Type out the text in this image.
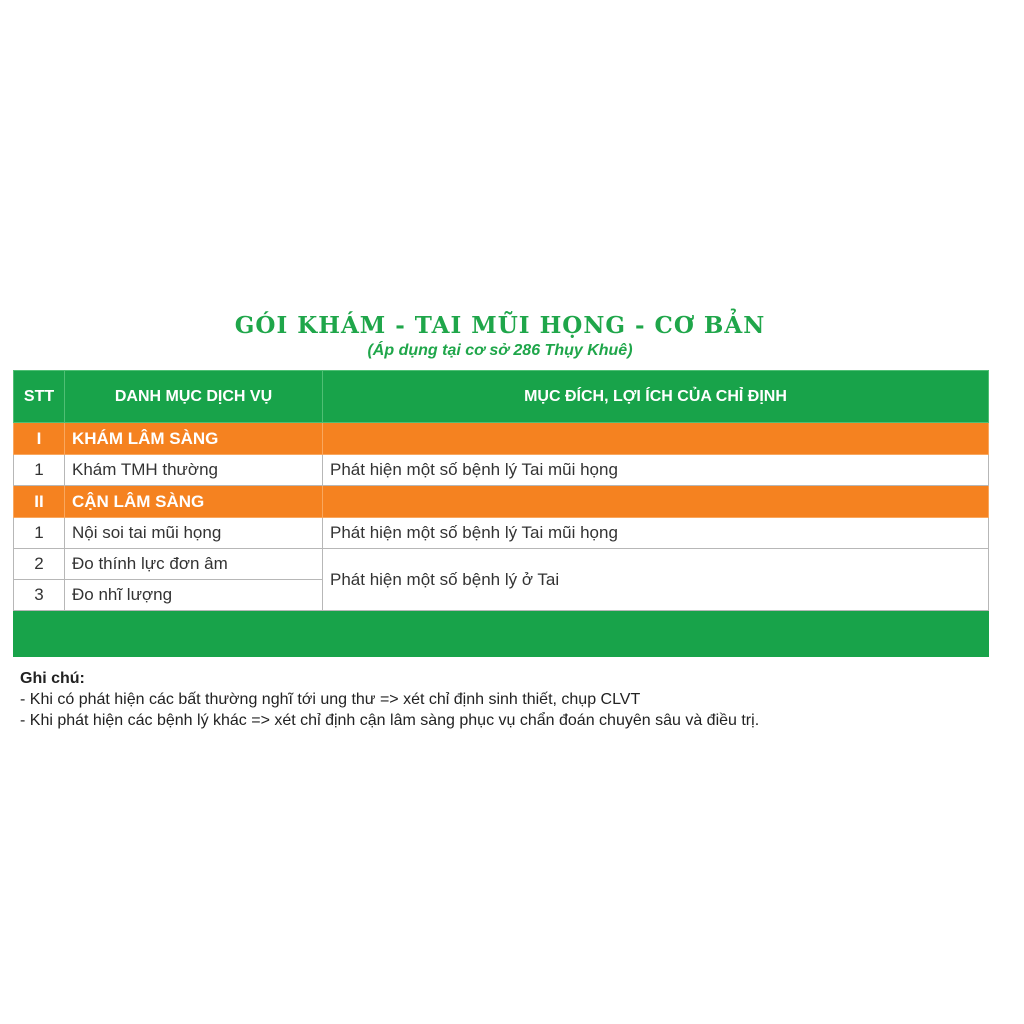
GÓI KHÁM - TAI MŨI HỌNG - CƠ BẢN
(Áp dụng tại cơ sở 286 Thụy Khuê)
STT	DANH MỤC DỊCH VỤ	MỤC ĐÍCH, LỢI ÍCH CỦA CHỈ ĐỊNH
I	KHÁM LÂM SÀNG	
1	Khám TMH thường	Phát hiện một số bệnh lý Tai mũi họng
II	CẬN LÂM SÀNG	
1	Nội soi tai mũi họng	Phát hiện một số bệnh lý Tai mũi họng
2	Đo thính lực đơn âm	Phát hiện một số bệnh lý ở Tai
3	Đo nhĩ lượng	

Ghi chú:
- Khi có phát hiện các bất thường nghĩ tới ung thư => xét chỉ định sinh thiết, chụp CLVT
- Khi phát hiện các bệnh lý khác => xét chỉ định cận lâm sàng phục vụ chẩn đoán chuyên sâu và điều trị.
